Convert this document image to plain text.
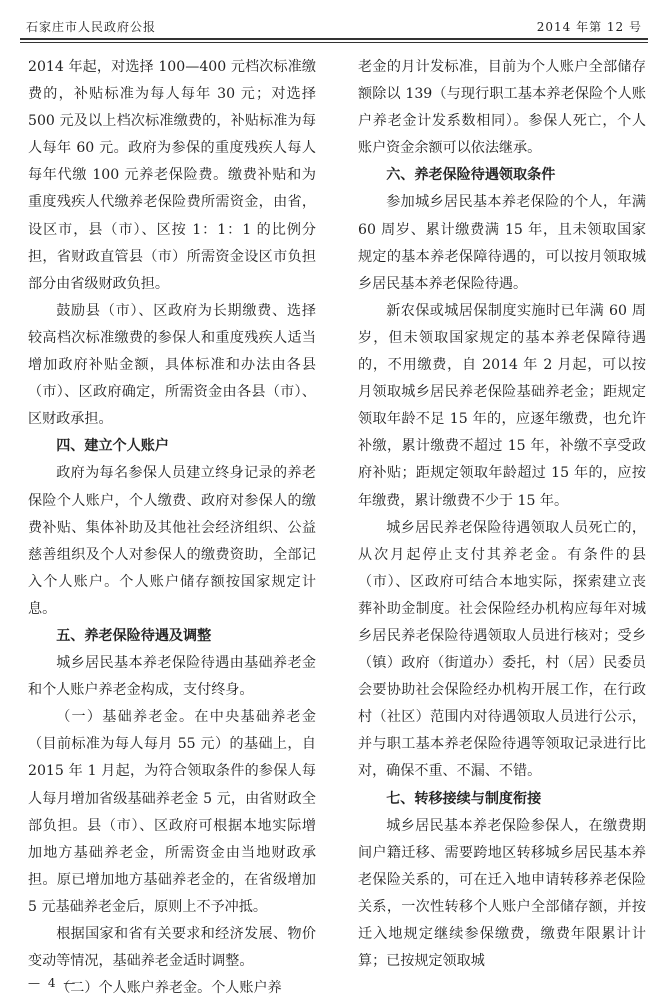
石家庄市人民政府公报	2014 年第 12 号

2014 年起，对选择 100—400 元档次标准缴费的，补贴标准为每人每年 30 元；对选择 500 元及以上档次标准缴费的，补贴标准为每人每年 60 元。政府为参保的重度残疾人每人每年代缴 100 元养老保险费。缴费补贴和为重度残疾人代缴养老保险费所需资金，由省，设区市，县（市）、区按 1：1：1 的比例分担，省财政直管县（市）所需资金设区市负担部分由省级财政负担。

鼓励县（市）、区政府为长期缴费、选择较高档次标准缴费的参保人和重度残疾人适当增加政府补贴金额，具体标准和办法由各县（市）、区政府确定，所需资金由各县（市）、区财政承担。

四、建立个人账户

政府为每名参保人员建立终身记录的养老保险个人账户，个人缴费、政府对参保人的缴费补贴、集体补助及其他社会经济组织、公益慈善组织及个人对参保人的缴费资助，全部记入个人账户。个人账户储存额按国家规定计息。

五、养老保险待遇及调整

城乡居民基本养老保险待遇由基础养老金和个人账户养老金构成，支付终身。

（一）基础养老金。在中央基础养老金（目前标准为每人每月 55 元）的基础上，自 2015 年 1 月起，为符合领取条件的参保人每人每月增加省级基础养老金 5 元，由省财政全部负担。县（市）、区政府可根据本地实际增加地方基础养老金，所需资金由当地财政承担。原已增加地方基础养老金的，在省级增加 5 元基础养老金后，原则上不予冲抵。

根据国家和省有关要求和经济发展、物价变动等情况，基础养老金适时调整。

（二）个人账户养老金。个人账户养

老金的月计发标准，目前为个人账户全部储存额除以 139（与现行职工基本养老保险个人账户养老金计发系数相同）。参保人死亡，个人账户资金余额可以依法继承。

六、养老保险待遇领取条件

参加城乡居民基本养老保险的个人，年满 60 周岁、累计缴费满 15 年，且未领取国家规定的基本养老保障待遇的，可以按月领取城乡居民基本养老保险待遇。

新农保或城居保制度实施时已年满 60 周岁，但未领取国家规定的基本养老保障待遇的，不用缴费，自 2014 年 2 月起，可以按月领取城乡居民养老保险基础养老金；距规定领取年龄不足 15 年的，应逐年缴费，也允许补缴，累计缴费不超过 15 年，补缴不享受政府补贴；距规定领取年龄超过 15 年的，应按年缴费，累计缴费不少于 15 年。

城乡居民养老保险待遇领取人员死亡的，从次月起停止支付其养老金。有条件的县（市）、区政府可结合本地实际，探索建立丧葬补助金制度。社会保险经办机构应每年对城乡居民养老保险待遇领取人员进行核对；受乡（镇）政府（街道办）委托，村（居）民委员会要协助社会保险经办机构开展工作，在行政村（社区）范围内对待遇领取人员进行公示，并与职工基本养老保险待遇等领取记录进行比对，确保不重、不漏、不错。

七、转移接续与制度衔接

城乡居民基本养老保险参保人，在缴费期间户籍迁移、需要跨地区转移城乡居民基本养老保险关系的，可在迁入地申请转移养老保险关系，一次性转移个人账户全部储存额，并按迁入地规定继续参保缴费，缴费年限累计计算；已按规定领取城

— 4 —
